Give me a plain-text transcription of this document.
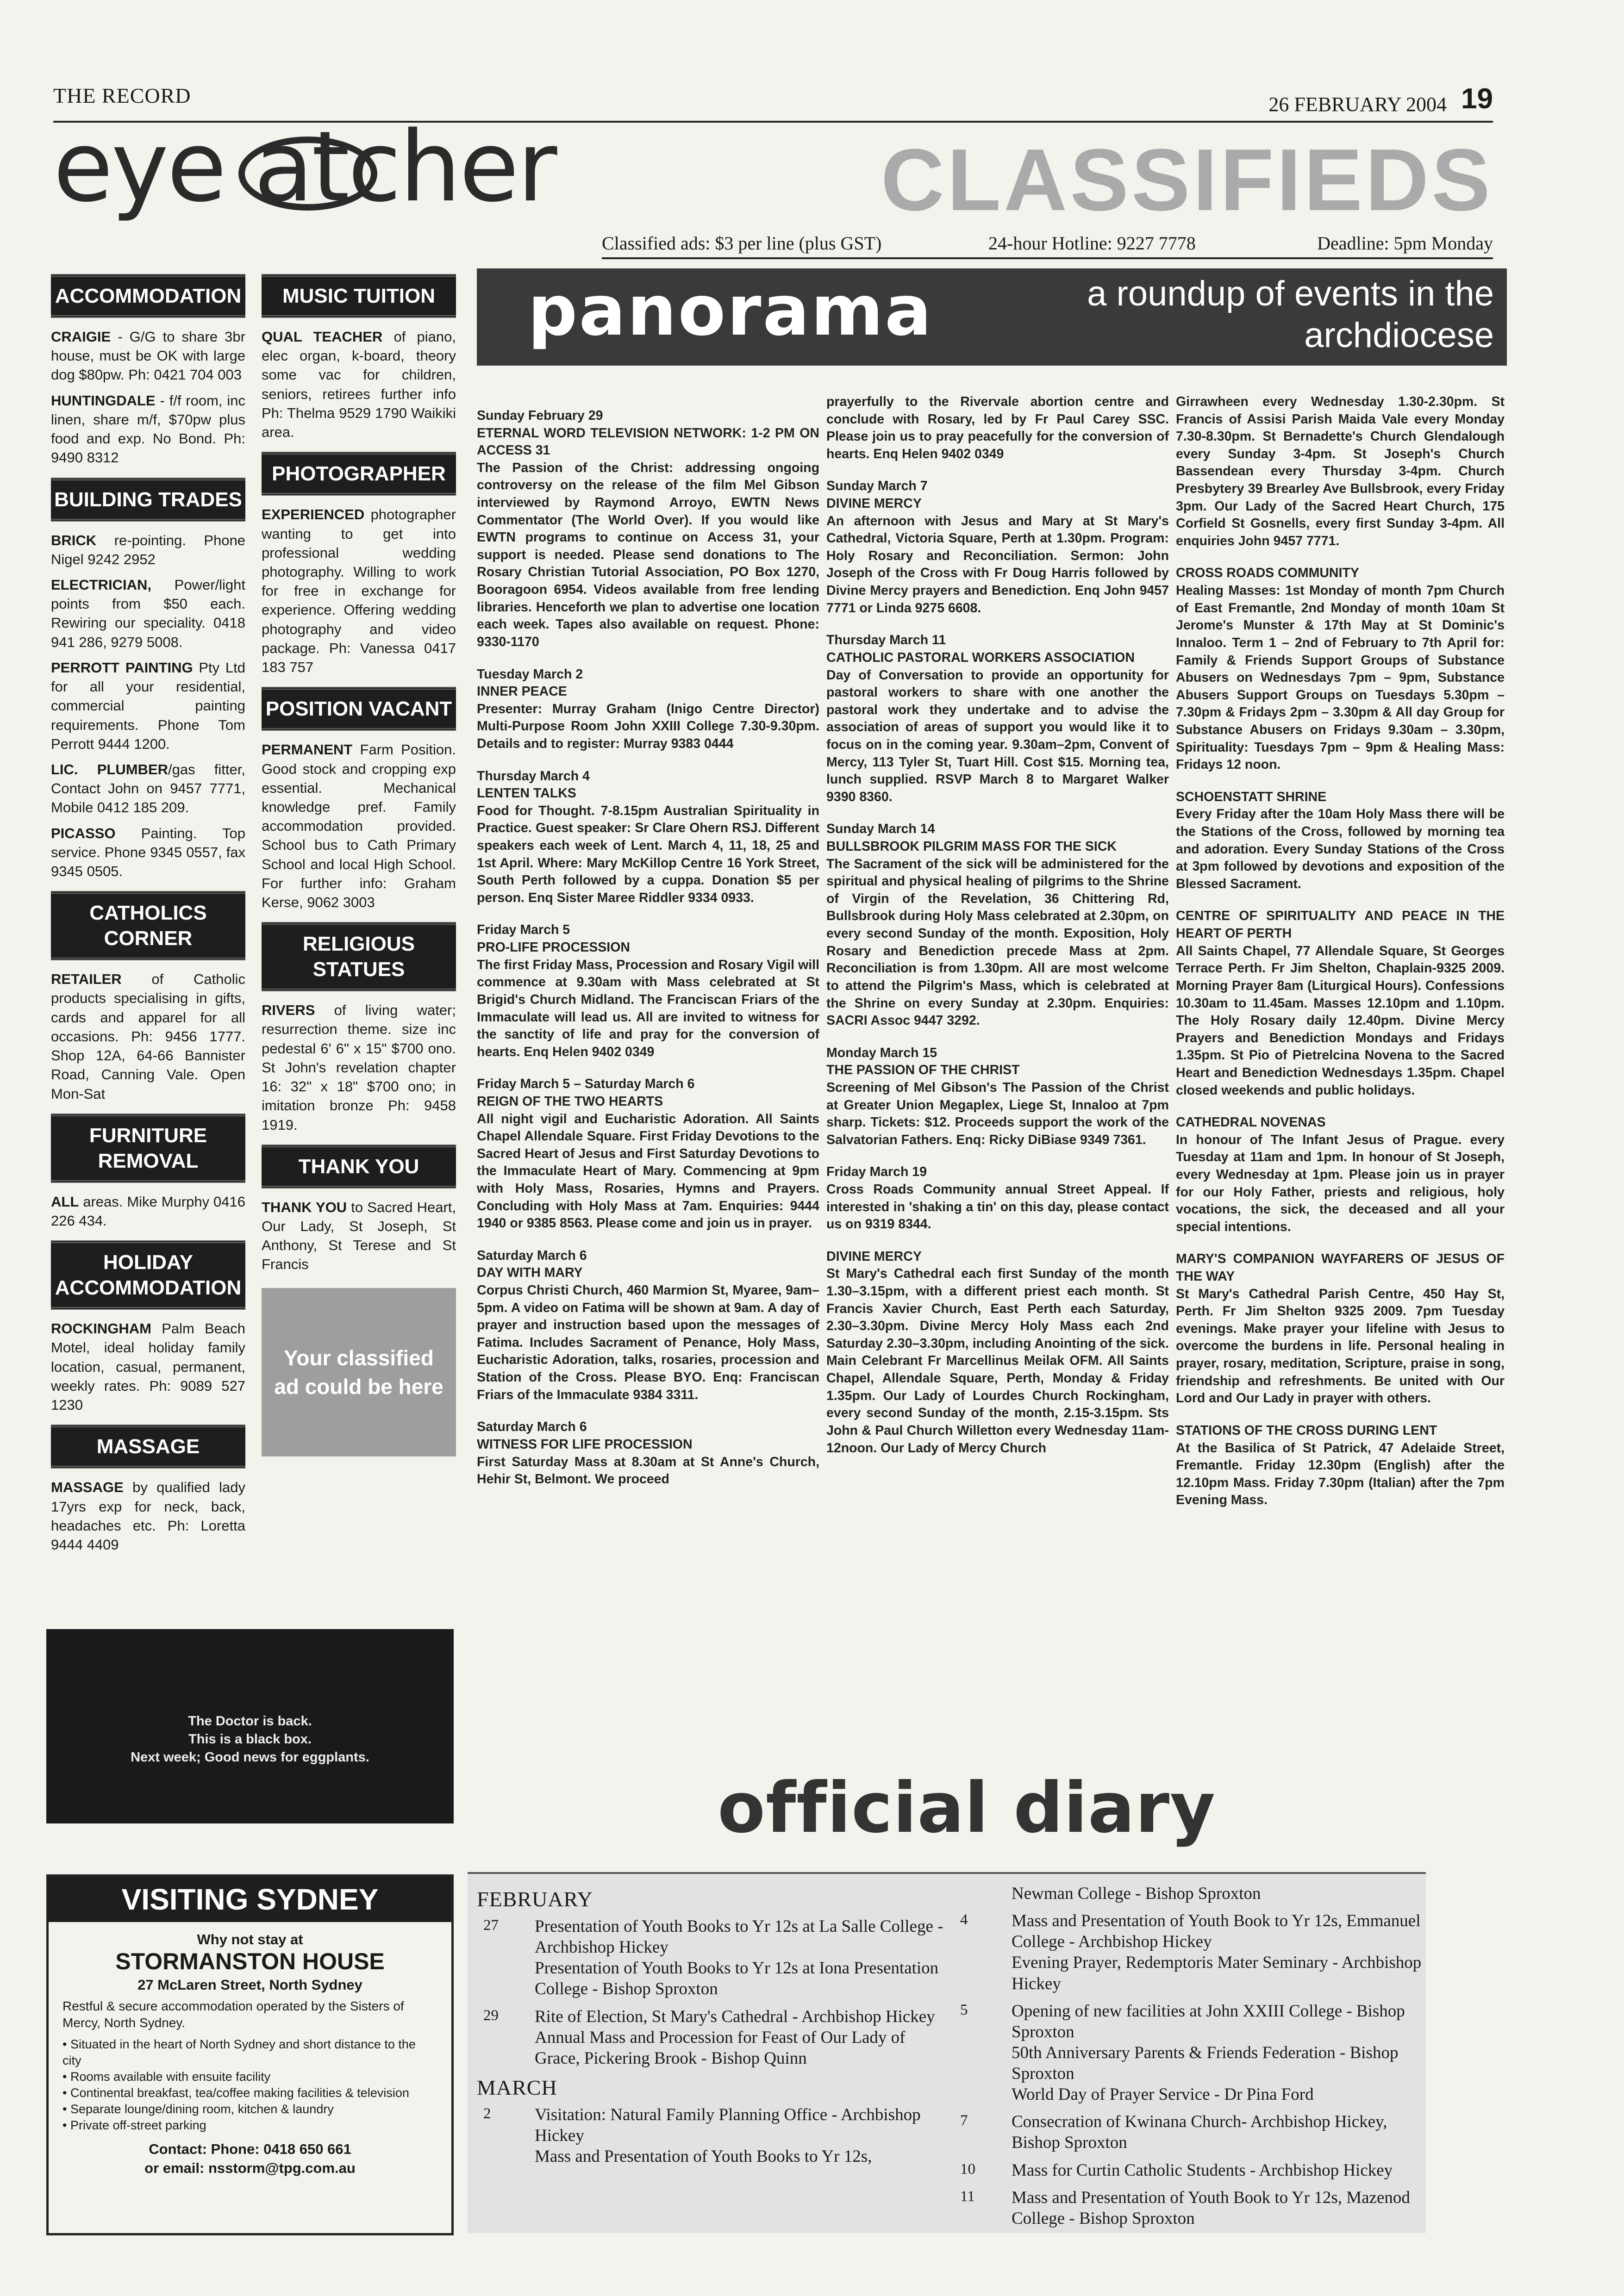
THE RECORD	26 FEBRUARY 2004 19
eye atcher	CLASSIFIEDS
Classified ads: $3 per line (plus GST)	24-hour Hotline: 9227 7778	Deadline: 5pm Monday
ACCOMMODATION
CRAIGIE - G/G to share 3br house, must be OK with large dog $80pw. Ph: 0421 704 003
HUNTINGDALE - f/f room, inc linen, share m/f, $70pw plus food and exp. No Bond. Ph: 9490 8312
BUILDING TRADES
BRICK re-pointing. Phone Nigel 9242 2952
ELECTRICIAN, Power/light points from $50 each. Rewiring our speciality. 0418 941 286, 9279 5008.
PERROTT PAINTING Pty Ltd for all your residential, commercial painting requirements. Phone Tom Perrott 9444 1200.
LIC. PLUMBER/gas fitter, Contact John on 9457 7771, Mobile 0412 185 209.
PICASSO Painting. Top service. Phone 9345 0557, fax 9345 0505.
CATHOLICS CORNER
RETAILER of Catholic products specialising in gifts, cards and apparel for all occasions. Ph: 9456 1777. Shop 12A, 64-66 Bannister Road, Canning Vale. Open Mon-Sat
FURNITURE REMOVAL
ALL areas. Mike Murphy 0416 226 434.
HOLIDAY ACCOMMODATION
ROCKINGHAM Palm Beach Motel, ideal holiday family location, casual, permanent, weekly rates. Ph: 9089 527 1230
MASSAGE
MASSAGE by qualified lady 17yrs exp for neck, back, headaches etc. Ph: Loretta 9444 4409
MUSIC TUITION
QUAL TEACHER of piano, elec organ, k-board, theory some vac for children, seniors, retirees further info Ph: Thelma 9529 1790 Waikiki area.
PHOTOGRAPHER
EXPERIENCED photographer wanting to get into professional wedding photography. Willing to work for free in exchange for experience. Offering wedding photography and video package. Ph: Vanessa 0417 183 757
POSITION VACANT
PERMANENT Farm Position. Good stock and cropping exp essential. Mechanical knowledge pref. Family accommodation provided. School bus to Cath Primary School and local High School. For further info: Graham Kerse, 9062 3003
RELIGIOUS STATUES
RIVERS of living water; resurrection theme. size inc pedestal 6' 6" x 15" $700 ono. St John's revelation chapter 16: 32" x 18" $700 ono; in imitation bronze Ph: 9458 1919.
THANK YOU
THANK YOU to Sacred Heart, Our Lady, St Joseph, St Anthony, St Terese and St Francis
Your classified ad could be here
The Doctor is back.
This is a black box.
Next week; Good news for eggplants.
VISITING SYDNEY
Why not stay at
STORMANSTON HOUSE
27 McLaren Street, North Sydney
Restful & secure accommodation operated by the Sisters of Mercy, North Sydney.
• Situated in the heart of North Sydney and short distance to the city
• Rooms available with ensuite facility
• Continental breakfast, tea/coffee making facilities & television
• Separate lounge/dining room, kitchen & laundry
• Private off-street parking
Contact: Phone: 0418 650 661
or email: nsstorm@tpg.com.au
panorama	a roundup of events in the archdiocese
Sunday February 29
ETERNAL WORD TELEVISION NETWORK: 1-2 PM ON ACCESS 31
The Passion of the Christ: addressing ongoing controversy on the release of the film Mel Gibson interviewed by Raymond Arroyo, EWTN News Commentator (The World Over). If you would like EWTN programs to continue on Access 31, your support is needed. Please send donations to The Rosary Christian Tutorial Association, PO Box 1270, Booragoon 6954. Videos available from free lending libraries. Henceforth we plan to advertise one location each week. Tapes also available on request. Phone: 9330-1170
Tuesday March 2
INNER PEACE
Presenter: Murray Graham (Inigo Centre Director) Multi-Purpose Room John XXIII College 7.30-9.30pm. Details and to register: Murray 9383 0444
Thursday March 4
LENTEN TALKS
Food for Thought. 7-8.15pm Australian Spirituality in Practice. Guest speaker: Sr Clare Ohern RSJ. Different speakers each week of Lent. March 4, 11, 18, 25 and 1st April. Where: Mary McKillop Centre 16 York Street, South Perth followed by a cuppa. Donation $5 per person. Enq Sister Maree Riddler 9334 0933.
Friday March 5
PRO-LIFE PROCESSION
The first Friday Mass, Procession and Rosary Vigil will commence at 9.30am with Mass celebrated at St Brigid's Church Midland. The Franciscan Friars of the Immaculate will lead us. All are invited to witness for the sanctity of life and pray for the conversion of hearts. Enq Helen 9402 0349
Friday March 5 – Saturday March 6
REIGN OF THE TWO HEARTS
All night vigil and Eucharistic Adoration. All Saints Chapel Allendale Square. First Friday Devotions to the Sacred Heart of Jesus and First Saturday Devotions to the Immaculate Heart of Mary. Commencing at 9pm with Holy Mass, Rosaries, Hymns and Prayers. Concluding with Holy Mass at 7am. Enquiries: 9444 1940 or 9385 8563. Please come and join us in prayer.
Saturday March 6
DAY WITH MARY
Corpus Christi Church, 460 Marmion St, Myaree, 9am–5pm. A video on Fatima will be shown at 9am. A day of prayer and instruction based upon the messages of Fatima. Includes Sacrament of Penance, Holy Mass, Eucharistic Adoration, talks, rosaries, procession and Station of the Cross. Please BYO. Enq: Franciscan Friars of the Immaculate 9384 3311.
Saturday March 6
WITNESS FOR LIFE PROCESSION
First Saturday Mass at 8.30am at St Anne's Church, Hehir St, Belmont. We proceed
prayerfully to the Rivervale abortion centre and conclude with Rosary, led by Fr Paul Carey SSC. Please join us to pray peacefully for the conversion of hearts. Enq Helen 9402 0349
Sunday March 7
DIVINE MERCY
An afternoon with Jesus and Mary at St Mary's Cathedral, Victoria Square, Perth at 1.30pm. Program: Holy Rosary and Reconciliation. Sermon: John Joseph of the Cross with Fr Doug Harris followed by Divine Mercy prayers and Benediction. Enq John 9457 7771 or Linda 9275 6608.
Thursday March 11
CATHOLIC PASTORAL WORKERS ASSOCIATION
Day of Conversation to provide an opportunity for pastoral workers to share with one another the pastoral work they undertake and to advise the association of areas of support you would like it to focus on in the coming year. 9.30am–2pm, Convent of Mercy, 113 Tyler St, Tuart Hill. Cost $15. Morning tea, lunch supplied. RSVP March 8 to Margaret Walker 9390 8360.
Sunday March 14
BULLSBROOK PILGRIM MASS FOR THE SICK
The Sacrament of the sick will be administered for the spiritual and physical healing of pilgrims to the Shrine of Virgin of the Revelation, 36 Chittering Rd, Bullsbrook during Holy Mass celebrated at 2.30pm, on every second Sunday of the month. Exposition, Holy Rosary and Benediction precede Mass at 2pm. Reconciliation is from 1.30pm. All are most welcome to attend the Pilgrim's Mass, which is celebrated at the Shrine on every Sunday at 2.30pm. Enquiries: SACRI Assoc 9447 3292.
Monday March 15
THE PASSION OF THE CHRIST
Screening of Mel Gibson's The Passion of the Christ at Greater Union Megaplex, Liege St, Innaloo at 7pm sharp. Tickets: $12. Proceeds support the work of the Salvatorian Fathers. Enq: Ricky DiBiase 9349 7361.
Friday March 19
Cross Roads Community annual Street Appeal. If interested in 'shaking a tin' on this day, please contact us on 9319 8344.
DIVINE MERCY
St Mary's Cathedral each first Sunday of the month 1.30–3.15pm, with a different priest each month. St Francis Xavier Church, East Perth each Saturday, 2.30–3.30pm. Divine Mercy Holy Mass each 2nd Saturday 2.30–3.30pm, including Anointing of the sick. Main Celebrant Fr Marcellinus Meilak OFM. All Saints Chapel, Allendale Square, Perth, Monday & Friday 1.35pm. Our Lady of Lourdes Church Rockingham, every second Sunday of the month, 2.15-3.15pm. Sts John & Paul Church Willetton every Wednesday 11am-12noon. Our Lady of Mercy Church
Girrawheen every Wednesday 1.30-2.30pm. St Francis of Assisi Parish Maida Vale every Monday 7.30-8.30pm. St Bernadette's Church Glendalough every Sunday 3-4pm. St Joseph's Church Bassendean every Thursday 3-4pm. Church Presbytery 39 Brearley Ave Bullsbrook, every Friday 3pm. Our Lady of the Sacred Heart Church, 175 Corfield St Gosnells, every first Sunday 3-4pm. All enquiries John 9457 7771.
CROSS ROADS COMMUNITY
Healing Masses: 1st Monday of month 7pm Church of East Fremantle, 2nd Monday of month 10am St Jerome's Munster & 17th May at St Dominic's Innaloo. Term 1 – 2nd of February to 7th April for: Family & Friends Support Groups of Substance Abusers on Wednesdays 7pm – 9pm, Substance Abusers Support Groups on Tuesdays 5.30pm – 7.30pm & Fridays 2pm – 3.30pm & All day Group for Substance Abusers on Fridays 9.30am – 3.30pm, Spirituality: Tuesdays 7pm – 9pm & Healing Mass: Fridays 12 noon.
SCHOENSTATT SHRINE
Every Friday after the 10am Holy Mass there will be the Stations of the Cross, followed by morning tea and adoration. Every Sunday Stations of the Cross at 3pm followed by devotions and exposition of the Blessed Sacrament.
CENTRE OF SPIRITUALITY AND PEACE IN THE HEART OF PERTH
All Saints Chapel, 77 Allendale Square, St Georges Terrace Perth. Fr Jim Shelton, Chaplain-9325 2009. Morning Prayer 8am (Liturgical Hours). Confessions 10.30am to 11.45am. Masses 12.10pm and 1.10pm. The Holy Rosary daily 12.40pm. Divine Mercy Prayers and Benediction Mondays and Fridays 1.35pm. St Pio of Pietrelcina Novena to the Sacred Heart and Benediction Wednesdays 1.35pm. Chapel closed weekends and public holidays.
CATHEDRAL NOVENAS
In honour of The Infant Jesus of Prague. every Tuesday at 11am and 1pm. In honour of St Joseph, every Wednesday at 1pm. Please join us in prayer for our Holy Father, priests and religious, holy vocations, the sick, the deceased and all your special intentions.
MARY'S COMPANION WAYFARERS OF JESUS OF THE WAY
St Mary's Cathedral Parish Centre, 450 Hay St, Perth. Fr Jim Shelton 9325 2009. 7pm Tuesday evenings. Make prayer your lifeline with Jesus to overcome the burdens in life. Personal healing in prayer, rosary, meditation, Scripture, praise in song, friendship and refreshments. Be united with Our Lord and Our Lady in prayer with others.
STATIONS OF THE CROSS DURING LENT
At the Basilica of St Patrick, 47 Adelaide Street, Fremantle. Friday 12.30pm (English) after the 12.10pm Mass. Friday 7.30pm (Italian) after the 7pm Evening Mass.
official diary
FEBRUARY
27 Presentation of Youth Books to Yr 12s at La Salle College - Archbishop Hickey
Presentation of Youth Books to Yr 12s at Iona Presentation College - Bishop Sproxton
29 Rite of Election, St Mary's Cathedral - Archbishop Hickey
Annual Mass and Procession for Feast of Our Lady of Grace, Pickering Brook - Bishop Quinn
MARCH
2	Visitation: Natural Family Planning Office - Archbishop Hickey
Mass and Presentation of Youth Books to Yr 12s,
Newman College - Bishop Sproxton
4	Mass and Presentation of Youth Book to Yr 12s, Emmanuel College - Archbishop Hickey
Evening Prayer, Redemptoris Mater Seminary - Archbishop Hickey
5	Opening of new facilities at John XXIII College - Bishop Sproxton
50th Anniversary Parents & Friends Federation - Bishop Sproxton
World Day of Prayer Service - Dr Pina Ford
7	Consecration of Kwinana Church- Archbishop Hickey, Bishop Sproxton
10 Mass for Curtin Catholic Students - Archbishop Hickey
11 Mass and Presentation of Youth Book to Yr 12s, Mazenod College - Bishop Sproxton
